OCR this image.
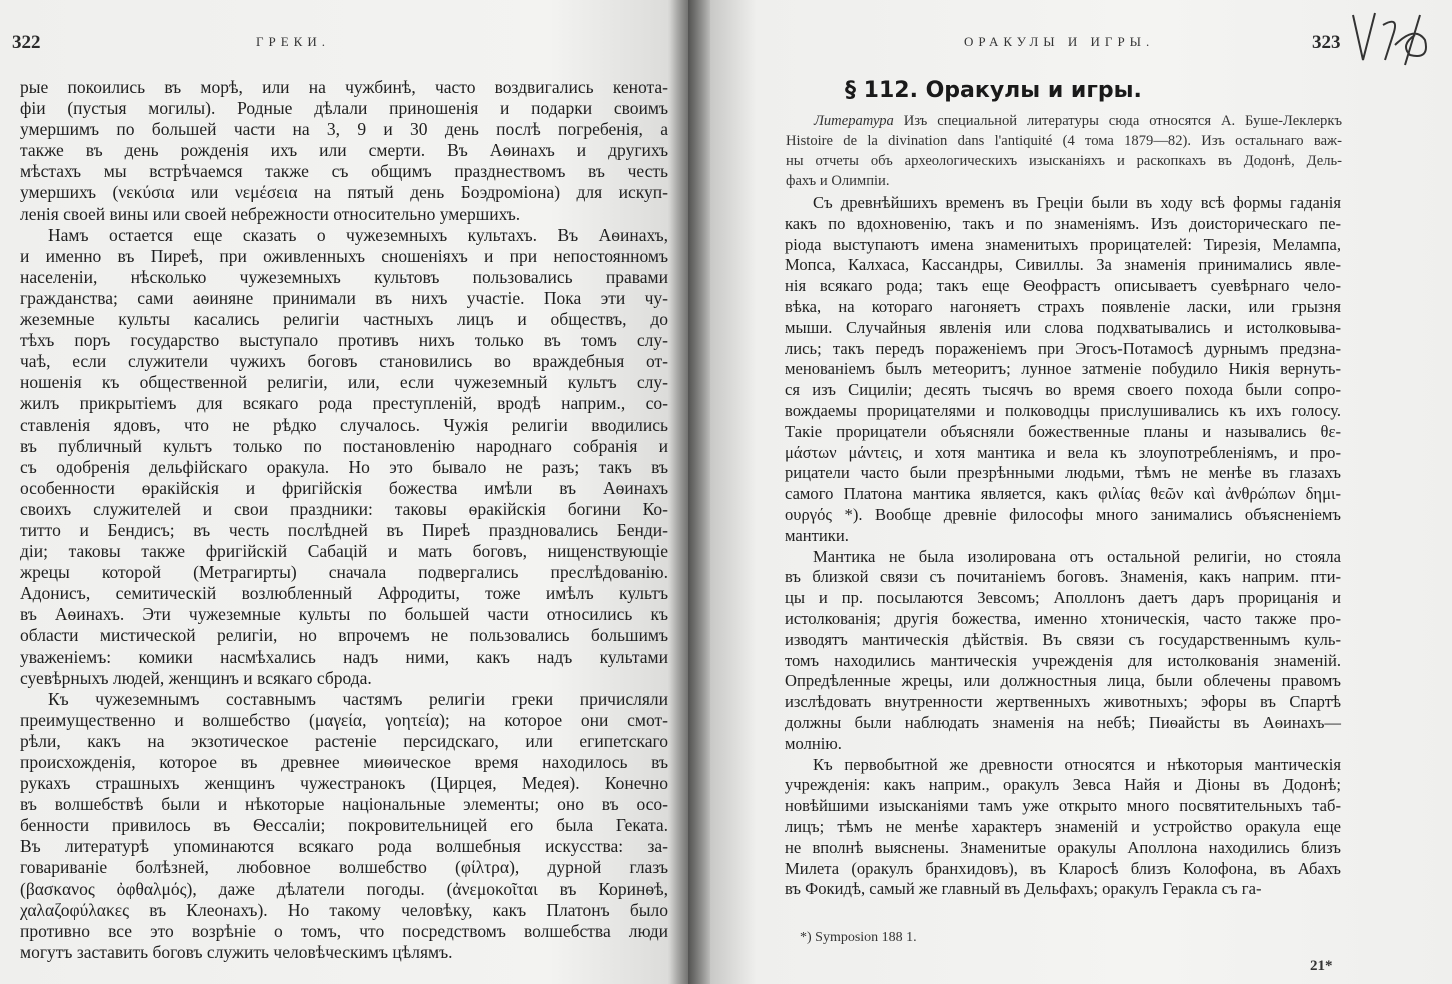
322	ГРЕКИ.	ОРАКУЛЫ И ИГРЫ.	323
рые покоились въ морѣ, или на чужбинѣ, часто воздвигались кенота-
фіи (пустыя могилы). Родные дѣлали приношенія и подарки своимъ
умершимъ по большей части на 3, 9 и 30 день послѣ погребенія, а
также въ день рожденія ихъ или смерти. Въ Аѳинахъ и другихъ
мѣстахъ мы встрѣчаемся также съ общимъ празднествомъ въ честь
умершихъ (νεκύσια или νεμέσεια на пятый день Боэдроміона) для искуп-
ленія своей вины или своей небрежности относительно умершихъ.
Намъ остается еще сказать о чужеземныхъ культахъ. Въ Аѳинахъ,
и именно въ Пиреѣ, при оживленныхъ сношеніяхъ и при непостоянномъ
населеніи, нѣсколько чужеземныхъ культовъ пользовались правами
гражданства; сами аѳиняне принимали въ нихъ участіе. Пока эти чу-
жеземные культы касались религіи частныхъ лицъ и обществъ, до
тѣхъ поръ государство выступало противъ нихъ только въ томъ слу-
чаѣ, если служители чужихъ боговъ становились во враждебныя от-
ношенія къ общественной религіи, или, если чужеземный культъ слу-
жилъ прикрытіемъ для всякаго рода преступленій, вродѣ наприм., со-
ставленія ядовъ, что не рѣдко случалось. Чужія религіи вводились
въ публичный культъ только по постановленію народнаго собранія и
съ одобренія дельфійскаго оракула. Но это бывало не разъ; такъ въ
особенности ѳракійскія и фригійскія божества имѣли въ Аѳинахъ
своихъ служителей и свои праздники: таковы ѳракійскія богини Ко-
титто и Бендисъ; въ честь послѣдней въ Пиреѣ праздновались Бенди-
діи; таковы также фригійскій Сабацій и мать боговъ, нищенствующіе
жрецы которой (Метрагирты) сначала подвергались преслѣдованію.
Адонисъ, семитическій возлюбленный Афродиты, тоже имѣлъ культъ
въ Аѳинахъ. Эти чужеземные культы по большей части относились къ
области мистической религіи, но впрочемъ не пользовались большимъ
уваженіемъ: комики насмѣхались надъ ними, какъ надъ культами
суевѣрныхъ людей, женщинъ и всякаго сброда.
Къ чужеземнымъ составнымъ частямъ религіи греки причисляли
преимущественно и волшебство (μαγεία, γοητεία); на которое они смот-
рѣли, какъ на экзотическое растеніе персидскаго, или египетскаго
происхожденія, которое въ древнее миѳическое время находилось въ
рукахъ страшныхъ женщинъ чужестранокъ (Цирцея, Медея). Конечно
въ волшебствѣ были и нѣкоторые національные элементы; оно въ осо-
бенности привилось въ Ѳессаліи; покровительницей его была Геката.
Въ литературѣ упоминаются всякаго рода волшебныя искусства: за-
говариваніе болѣзней, любовное волшебство (φίλτρα), дурной глазъ
(βασκανος ὀφθαλμός), даже дѣлатели погоды. (ἀνεμοκοῖται въ Коринѳѣ,
χαλαζοφύλακες въ Клеонахъ). Но такому человѣку, какъ Платонъ было
противно все это возрѣніе о томъ, что посредствомъ волшебства люди
могутъ заставить боговъ служить человѣческимъ цѣлямъ.
§ 112. Оракулы и игры.
Литература Изъ специальной литературы сюда относятся А. Буше-Леклеркъ
Histoire de la divination dans l'antiquité (4 тома 1879—82). Изъ остальнаго важ-
ны отчеты объ археологическихъ изысканіяхъ и раскопкахъ въ Додонѣ, Дель-
фахъ и Олимпіи.
Съ древнѣйшихъ временъ въ Греціи были въ ходу всѣ формы гаданія
какъ по вдохновенію, такъ и по знаменіямъ. Изъ доисторическаго пе-
ріода выступаютъ имена знаменитыхъ прорицателей: Тирезія, Мелампа,
Мопса, Калхаса, Кассандры, Сивиллы. За знаменія принимались явле-
нія всякаго рода; такъ еще Ѳеофрастъ описываетъ суевѣрнаго чело-
вѣка, на котораго нагоняетъ страхъ появленіе ласки, или грызня
мыши. Случайныя явленія или слова подхватывались и истолковыва-
лись; такъ передъ пораженіемъ при Эгосъ-Потамосѣ дурнымъ предзна-
менованіемъ былъ метеоритъ; лунное затменіе побудило Никія вернуть-
ся изъ Сициліи; десять тысячъ во время своего похода были сопро-
вождаемы прорицателями и полководцы прислушивались къ ихъ голосу.
Такіе прорицатели объясняли божественные планы и назывались θε-
μάστων μάντεις, и хотя мантика и вела къ злоупотребленіямъ, и про-
рицатели часто были презрѣнными людьми, тѣмъ не менѣе въ глазахъ
самого Платона мантика является, какъ φιλίας θεῶν καὶ ἀνθρώπων δημι-
ουργός *). Вообще древніе философы много занимались объясненіемъ
мантики.
Мантика не была изолирована отъ остальной религіи, но стояла
въ близкой связи съ почитаніемъ боговъ. Знаменія, какъ наприм. пти-
цы и пр. посылаются Зевсомъ; Аполлонъ даетъ даръ прорицанія и
истолкованія; другія божества, именно хтоническія, часто также про-
изводятъ мантическія дѣйствія. Въ связи съ государственнымъ куль-
томъ находились мантическія учрежденія для истолкованія знаменій.
Опредѣленные жрецы, или должностныя лица, были облечены правомъ
изслѣдовать внутренности жертвенныхъ животныхъ; эфоры въ Спартѣ
должны были наблюдать знаменія на небѣ; Пиѳайсты въ Аѳинахъ—
молнію.
Къ первобытной же древности относятся и нѣкоторыя мантическія
учрежденія: какъ наприм., оракулъ Зевса Найя и Діоны въ Додонѣ;
новѣйшими изысканіями тамъ уже открыто много посвятительныхъ таб-
лицъ; тѣмъ не менѣе характеръ знаменій и устройство оракула еще
не вполнѣ выяснены. Знаменитые оракулы Аполлона находились близъ
Милета (оракулъ бранхидовъ), въ Кларосѣ близъ Колофона, въ Абахъ
въ Фокидѣ, самый же главный въ Дельфахъ; оракулъ Геракла съ га-
*) Symposion 188 1.
21*
